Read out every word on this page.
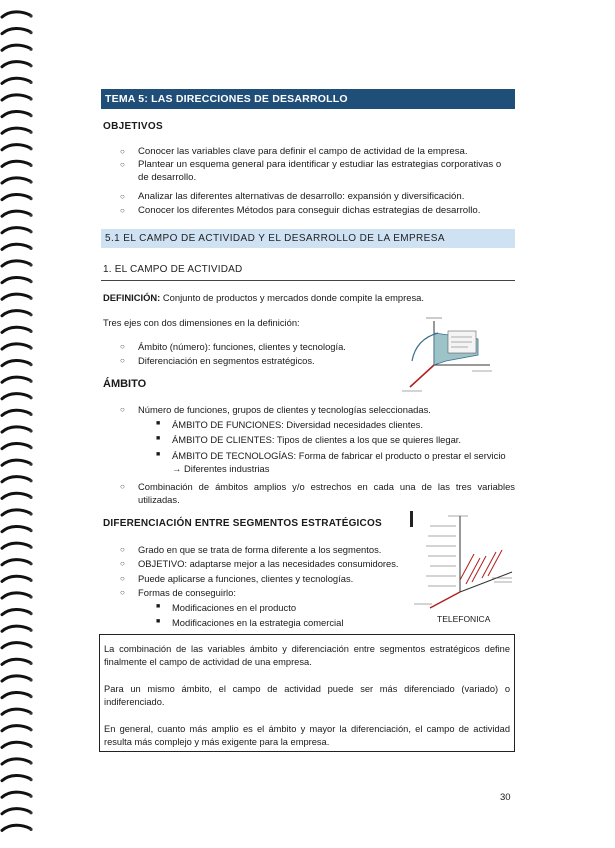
TEMA 5: LAS DIRECCIONES DE DESARROLLO
OBJETIVOS
○ Conocer las variables clave para definir el campo de actividad de la empresa.
○ Plantear un esquema general para identificar y estudiar las estrategias corporativas o
de desarrollo.
○ Analizar las diferentes alternativas de desarrollo: expansión y diversificación.
○ Conocer los diferentes Métodos para conseguir dichas estrategias de desarrollo.
5.1 EL CAMPO DE ACTIVIDAD Y EL DESARROLLO DE LA EMPRESA
1. EL CAMPO DE ACTIVIDAD
DEFINICIÓN: Conjunto de productos y mercados donde compite la empresa.
Tres ejes con dos dimensiones en la definición:
○ Ámbito (número): funciones, clientes y tecnología.
○ Diferenciación en segmentos estratégicos.
ÁMBITO
○ Número de funciones, grupos de clientes y tecnologías seleccionadas.
■ ÁMBITO DE FUNCIONES: Diversidad necesidades clientes.
■ ÁMBITO DE CLIENTES: Tipos de clientes a los que se quieres llegar.
■ ÁMBITO DE TECNOLOGÍAS: Forma de fabricar el producto o prestar el servicio
→ Diferentes industrias
○ Combinación de ámbitos amplios y/o estrechos en cada una de las tres variables
utilizadas.
DIFERENCIACIÓN ENTRE SEGMENTOS ESTRATÉGICOS
○ Grado en que se trata de forma diferente a los segmentos.
○ OBJETIVO: adaptarse mejor a las necesidades consumidores.
○ Puede aplicarse a funciones, clientes y tecnologías.
○ Formas de conseguirlo:
■ Modificaciones en el producto
■ Modificaciones en la estrategia comercial	TELEFONICA

La combinación de las variables ámbito y diferenciación entre segmentos estratégicos define finalmente el campo de actividad de una empresa.

Para un mismo ámbito, el campo de actividad puede ser más diferenciado (variado) o indiferenciado.

En general, cuanto más amplio es el ámbito y mayor la diferenciación, el campo de actividad resulta más complejo y más exigente para la empresa.

30
